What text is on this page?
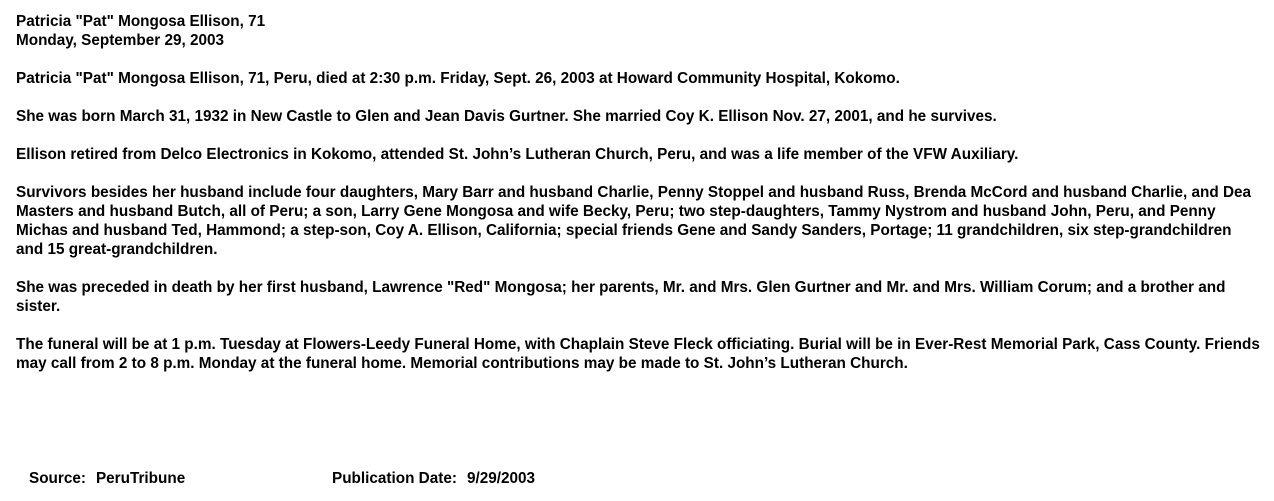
Patricia "Pat" Mongosa Ellison, 71

Monday, September 29, 2003

Patricia "Pat" Mongosa Ellison, 71, Peru, died at 2:30 p.m. Friday, Sept. 26, 2003 at Howard Community Hospital, Kokomo.

She was born March 31, 1932 in New Castle to Glen and Jean Davis Gurtner. She married Coy K. Ellison Nov. 27, 2001, and he survives.

Ellison retired from Delco Electronics in Kokomo, attended St. John’s Lutheran Church, Peru, and was a life member of the VFW Auxiliary.

Survivors besides her husband include four daughters, Mary Barr and husband Charlie, Penny Stoppel and husband Russ, Brenda McCord and husband Charlie, and Dea Masters and husband Butch, all of Peru; a son, Larry Gene Mongosa and wife Becky, Peru; two step-daughters, Tammy Nystrom and husband John, Peru, and Penny Michas and husband Ted, Hammond; a step-son, Coy A. Ellison, California; special friends Gene and Sandy Sanders, Portage; 11 grandchildren, six step-grandchildren and 15 great-grandchildren.

She was preceded in death by her first husband, Lawrence "Red" Mongosa; her parents, Mr. and Mrs. Glen Gurtner and Mr. and Mrs. William Corum; and a brother and sister.

The funeral will be at 1 p.m. Tuesday at Flowers-Leedy Funeral Home, with Chaplain Steve Fleck officiating. Burial will be in Ever-Rest Memorial Park, Cass County. Friends may call from 2 to 8 p.m. Monday at the funeral home. Memorial contributions may be made to St. John’s Lutheran Church.

Source: PeruTribune	Publication Date: 9/29/2003
